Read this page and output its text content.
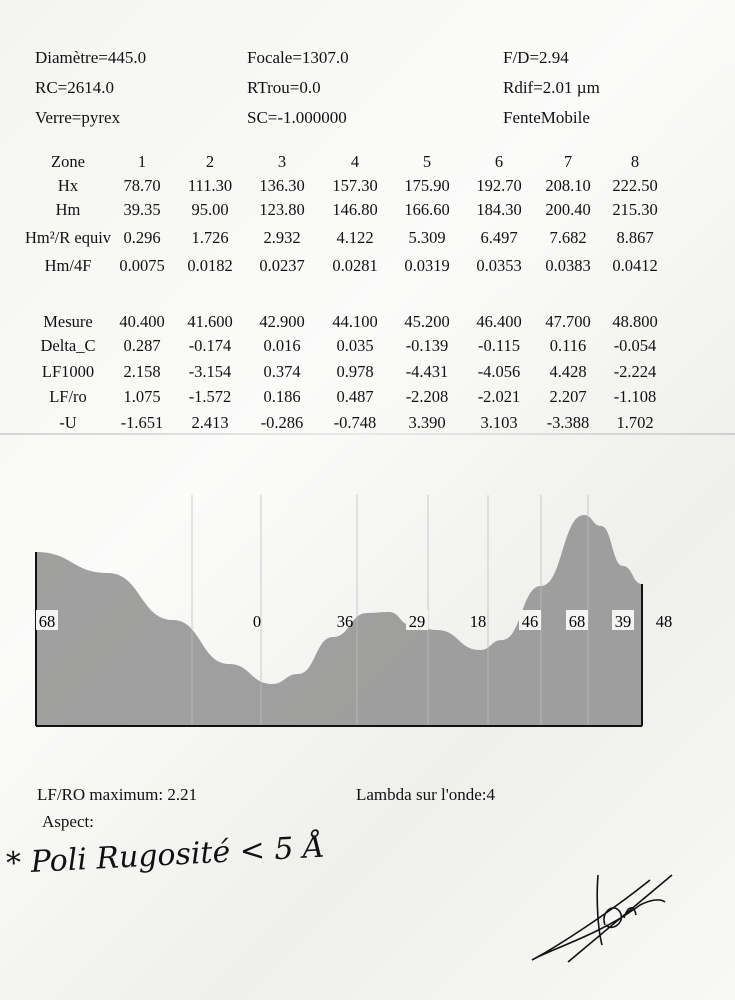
Diamètre=445.0
RC=2614.0
Verre=pyrex
Focale=1307.0
RTrou=0.0
SC=-1.000000
F/D=2.94
Rdif=2.01 µm
FenteMobile
Zone	1	2	3	4	5	6	7	8
Hx	78.70 111.30 136.30 157.30 175.90 192.70 208.10 222.50
Hm	39.35 95.00 123.80 146.80 166.60 184.30 200.40 215.30
Hm²/R equiv 0.296 1.726 2.932 4.122 5.309 6.497 7.682 8.867
Hm/4F 0.0075 0.0182 0.0237 0.0281 0.0319 0.0353 0.0383 0.0412
Mesure 40.400 41.600 42.900 44.100 45.200 46.400 47.700 48.800
Delta_C 0.287 -0.174 0.016 0.035 -0.139 -0.115 0.116 -0.054
LF1000 2.158 -3.154 0.374 0.978 -4.431 -4.056 4.428 -2.224
LF/ro 1.075 -1.572 0.186 0.487 -2.208 -2.021 2.207 -1.108
-U	-1.651 2.413 -0.286 -0.748 3.390 3.103 -3.388 1.702
68	0	36	29	18 46 68 39 48
LF/RO maximum: 2.21	Lambda sur l'onde:4
Aspect:
* Poli Rugosité < 5 Å
